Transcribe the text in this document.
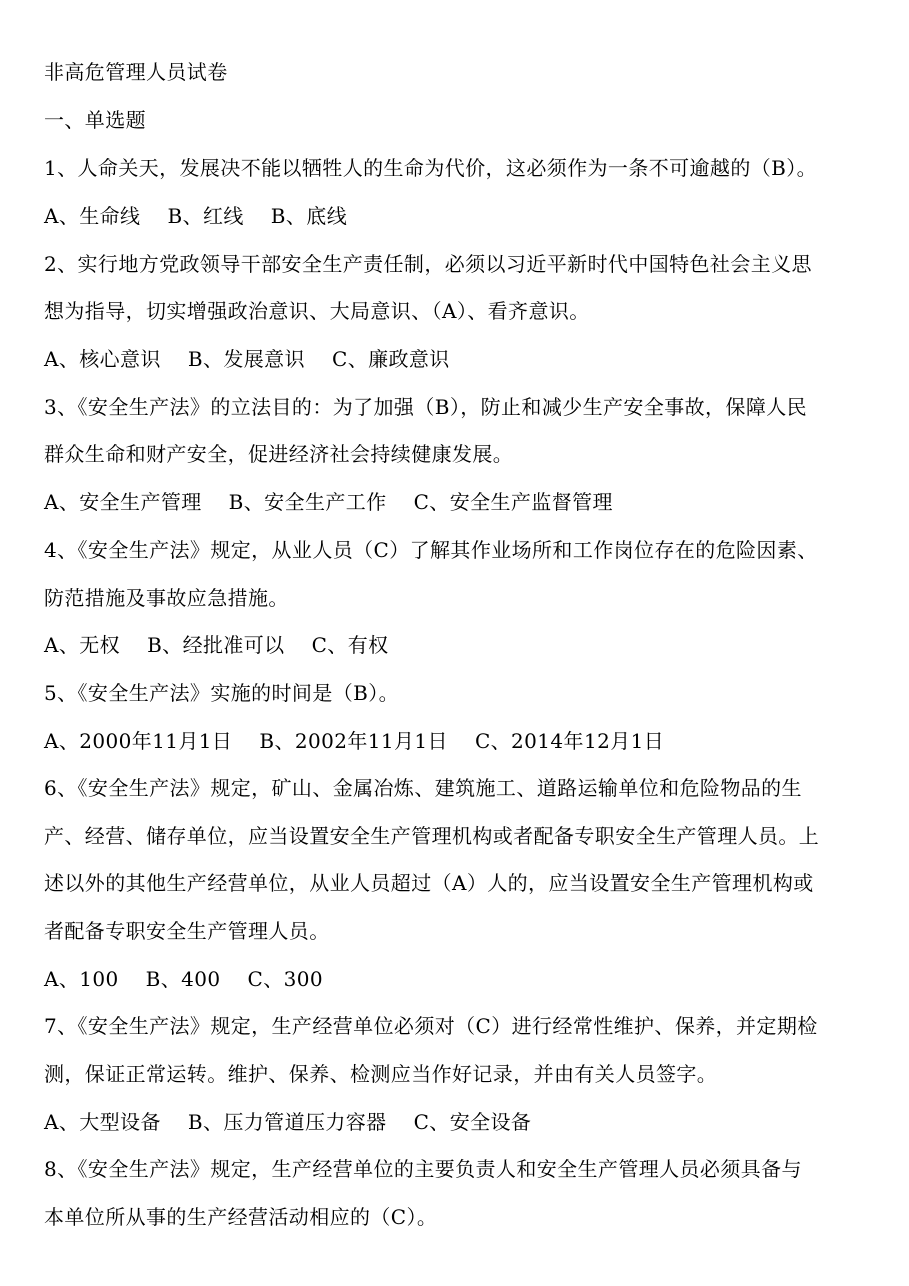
非高危管理人员试卷
一、单选题
1、人命关天，发展决不能以牺牲人的生命为代价，这必须作为一条不可逾越的（B）。
A、生命线    B、红线    B、底线
2、实行地方党政领导干部安全生产责任制，必须以习近平新时代中国特色社会主义思
想为指导，切实增强政治意识、大局意识、（A）、看齐意识。
A、核心意识    B、发展意识    C、廉政意识
3、《安全生产法》的立法目的：为了加强（B），防止和减少生产安全事故，保障人民
群众生命和财产安全，促进经济社会持续健康发展。
A、安全生产管理    B、安全生产工作    C、安全生产监督管理
4、《安全生产法》规定，从业人员（C）了解其作业场所和工作岗位存在的危险因素、
防范措施及事故应急措施。
A、无权    B、经批准可以    C、有权
5、《安全生产法》实施的时间是（B）。
A、2000年11月1日    B、2002年11月1日    C、2014年12月1日
6、《安全生产法》规定，矿山、金属冶炼、建筑施工、道路运输单位和危险物品的生
产、经营、储存单位，应当设置安全生产管理机构或者配备专职安全生产管理人员。上
述以外的其他生产经营单位，从业人员超过（A）人的，应当设置安全生产管理机构或
者配备专职安全生产管理人员。
A、100    B、400    C、300
7、《安全生产法》规定，生产经营单位必须对（C）进行经常性维护、保养，并定期检
测，保证正常运转。维护、保养、检测应当作好记录，并由有关人员签字。
A、大型设备    B、压力管道压力容器    C、安全设备
8、《安全生产法》规定，生产经营单位的主要负责人和安全生产管理人员必须具备与
本单位所从事的生产经营活动相应的（C）。
